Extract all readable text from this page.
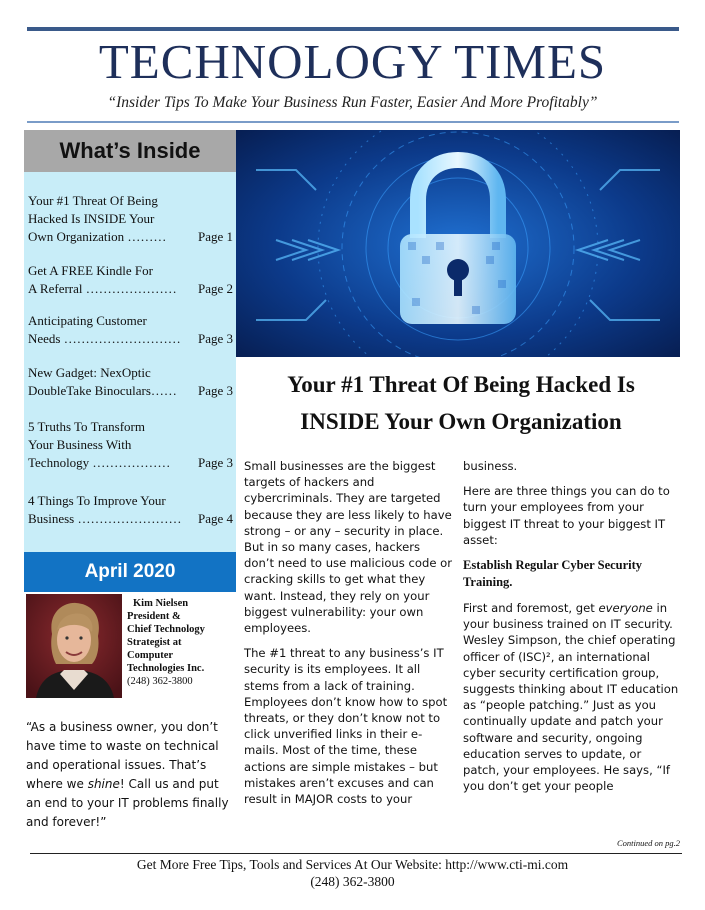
TECHNOLOGY TIMES
“Insider Tips To Make Your Business Run Faster, Easier And More Profitably”
What’s Inside
Your #1 Threat Of Being
Hacked Is INSIDE Your
Own Organization ……… Page 1
Get A FREE Kindle For
A Referral ………………… Page 2
Anticipating Customer
Needs ……………………… Page 3
New Gadget: NexOptic
DoubleTake Binoculars…… Page 3
5 Truths To Transform
Your Business With
Technology ……………… Page 3
4 Things To Improve Your
Business …………………… Page 4
April 2020
Kim Nielsen
President &
Chief Technology
Strategist at
Computer
Technologies Inc.
(248) 362-3800
“As a business owner, you don’t have time to waste on technical and operational issues. That’s where we shine! Call us and put an end to your IT problems finally and forever!”
Your #1 Threat Of Being Hacked Is
INSIDE Your Own Organization

Small businesses are the biggest targets of hackers and cybercriminals. They are targeted because they are less likely to have strong – or any – security in place. But in so many cases, hackers don’t need to use malicious code or cracking skills to get what they want. Instead, they rely on your biggest vulnerability: your own employees.

The #1 threat to any business’s IT security is its employees. It all stems from a lack of training. Employees don’t know how to spot threats, or they don’t know not to click unverified links in their e-mails. Most of the time, these actions are simple mistakes – but mistakes aren’t excuses and can result in MAJOR costs to your

business.

Here are three things you can do to turn your employees from your biggest IT threat to your biggest IT asset:

Establish Regular Cyber Security Training.

First and foremost, get everyone in your business trained on IT security. Wesley Simpson, the chief operating officer of (ISC)², an international cyber security certification group, suggests thinking about IT education as “people patching.” Just as you continually update and patch your software and security, ongoing education serves to update, or patch, your employees. He says, “If you don’t get your people

Continued on pg.2
Get More Free Tips, Tools and Services At Our Website: http://www.cti-mi.com
(248) 362-3800
